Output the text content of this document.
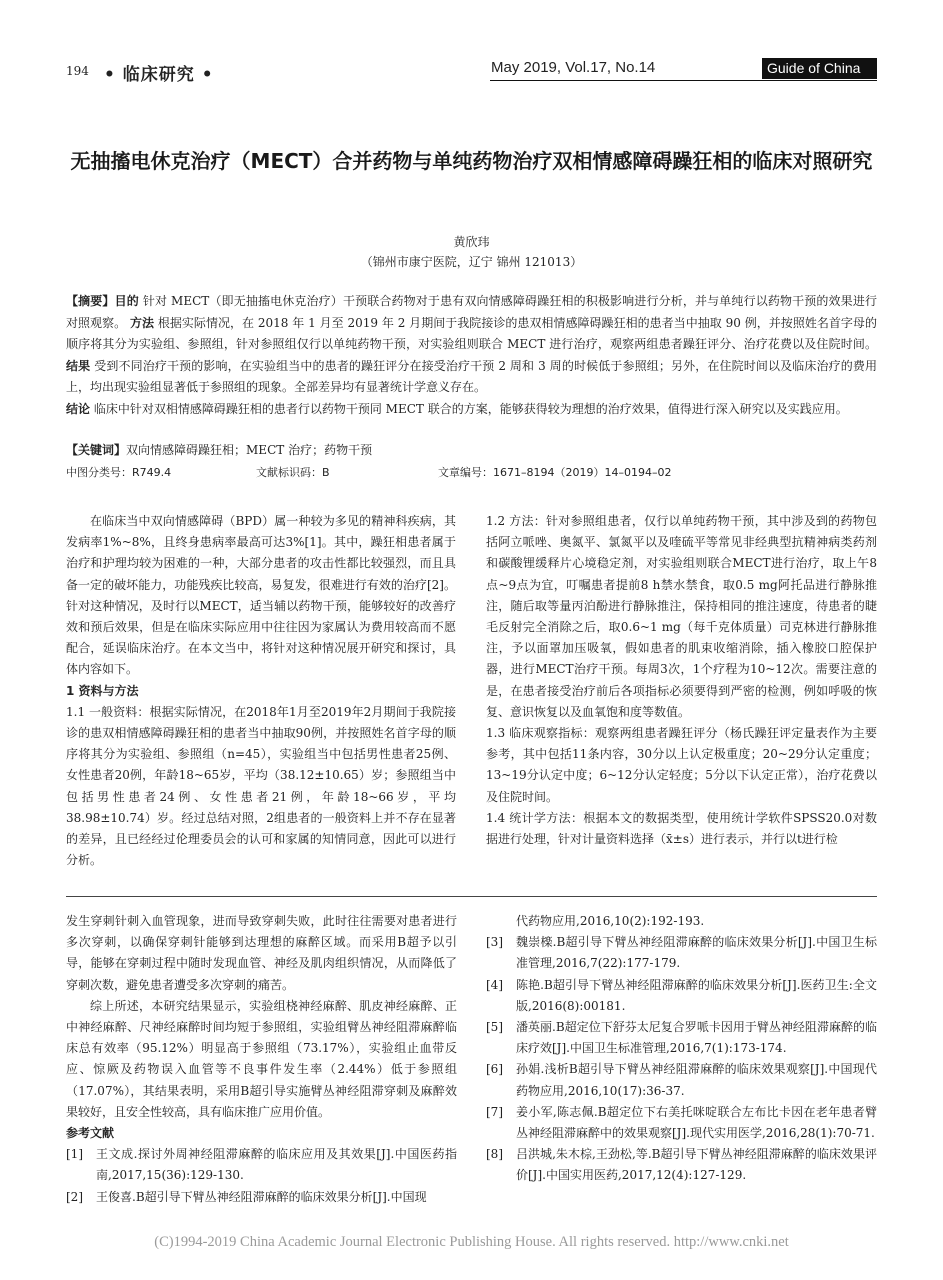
194 • 临床研究 •	May 2019, Vol.17, No.14	Guide of China Medicine
无抽搐电休克治疗（MECT）合并药物与单纯药物治疗双相情感障碍躁狂相的临床对照研究
黄欣玮
（锦州市康宁医院，辽宁 锦州 121013）
【摘要】目的 针对 MECT（即无抽搐电休克治疗）干预联合药物对于患有双向情感障碍躁狂相的积极影响进行分析，并与单纯行以药物干预的效果进行对照观察。 方法 根据实际情况，在 2018 年 1 月至 2019 年 2 月期间于我院接诊的患双相情感障碍躁狂相的患者当中抽取 90 例，并按照姓名首字母的顺序将其分为实验组、参照组，针对参照组仅行以单纯药物干预，对实验组则联合 MECT 进行治疗，观察两组患者躁狂评分、治疗花费以及住院时间。 结果 受到不同治疗干预的影响，在实验组当中的患者的躁狂评分在接受治疗干预 2 周和 3 周的时候低于参照组；另外，在住院时间以及临床治疗的费用上，均出现实验组显著低于参照组的现象。全部差异均有显著统计学意义存在。
结论 临床中针对双相情感障碍躁狂相的患者行以药物干预同 MECT 联合的方案，能够获得较为理想的治疗效果，值得进行深入研究以及实践应用。
【关键词】双向情感障碍躁狂相；MECT 治疗；药物干预
中图分类号：R749.4	文献标识码：B	文章编号：1671–8194（2019）14–0194–02

在临床当中双向情感障碍（BPD）属一种较为多见的精神科疾病，其发病率1%~8%，且终身患病率最高可达3%[1]。其中，躁狂相患者属于治疗和护理均较为困难的一种，大部分患者的攻击性都比较强烈，而且具备一定的破坏能力，功能残疾比较高，易复发，很难进行有效的治疗[2]。针对这种情况，及时行以MECT，适当辅以药物干预，能够较好的改善疗效和预后效果，但是在临床实际应用中往往因为家属认为费用较高而不愿配合，延误临床治疗。在本文当中，将针对这种情况展开研究和探讨，具体内容如下。

1 资料与方法

1.1 一般资料：根据实际情况，在2018年1月至2019年2月期间于我院接诊的患双相情感障碍躁狂相的患者当中抽取90例，并按照姓名首字母的顺序将其分为实验组、参照组（n=45），实验组当中包括男性患者25例、女性患者20例，年龄18~65岁，平均（38.12±10.65）岁；参照组当中包括男性患者24例、女性患者21例，年龄18~66岁，平均38.98±10.74）岁。经过总结对照，2组患者的一般资料上并不存在显著的差异，且已经经过伦理委员会的认可和家属的知情同意，因此可以进行分析。

1.2 方法：针对参照组患者，仅行以单纯药物干预，其中涉及到的药物包括阿立哌唑、奥氮平、氯氮平以及喹硫平等常见非经典型抗精神病类药剂和碳酸锂缓释片心境稳定剂，对实验组则联合MECT进行治疗，取上午8点~9点为宜，叮嘱患者提前8 h禁水禁食，取0.5 mg阿托品进行静脉推注，随后取等量丙泊酚进行静脉推注，保持相同的推注速度，待患者的睫毛反射完全消除之后，取0.6~1 mg（每千克体质量）司克林进行静脉推注，予以面罩加压吸氧，假如患者的肌束收缩消除，插入橡胶口腔保护器，进行MECT治疗干预。每周3次，1个疗程为10~12次。需要注意的是，在患者接受治疗前后各项指标必须要得到严密的检测，例如呼吸的恢复、意识恢复以及血氧饱和度等数值。

1.3 临床观察指标：观察两组患者躁狂评分（杨氏躁狂评定量表作为主要参考，其中包括11条内容，30分以上认定极重度；20~29分认定重度；13~19分认定中度；6~12分认定轻度；5分以下认定正常），治疗花费以及住院时间。

1.4 统计学方法：根据本文的数据类型，使用统计学软件SPSS20.0对数据进行处理，针对计量资料选择（x̄±s）进行表示，并行以t进行检

发生穿刺针刺入血管现象，进而导致穿刺失败，此时往往需要对患者进行多次穿刺，以确保穿刺针能够到达理想的麻醉区域。而采用B超予以引导，能够在穿刺过程中随时发现血管、神经及肌肉组织情况，从而降低了穿刺次数，避免患者遭受多次穿刺的痛苦。

综上所述，本研究结果显示，实验组桡神经麻醉、肌皮神经麻醉、正中神经麻醉、尺神经麻醉时间均短于参照组，实验组臂丛神经阻滞麻醉临床总有效率（95.12%）明显高于参照组（73.17%），实验组止血带反应、惊厥及药物误入血管等不良事件发生率（2.44%）低于参照组（17.07%），其结果表明，采用B超引导实施臂丛神经阻滞穿刺及麻醉效果较好，且安全性较高，具有临床推广应用价值。

参考文献

[1]	王文成.探讨外周神经阻滞麻醉的临床应用及其效果[J].中国医药指南,2017,15(36):129-130.
[2]	王俊喜.B超引导下臂丛神经阻滞麻醉的临床效果分析[J].中国现
代药物应用,2016,10(2):192-193.
[3]	魏崇檪.B超引导下臂丛神经阻滞麻醉的临床效果分析[J].中国卫生标准管理,2016,7(22):177-179.
[4]	陈艳.B超引导下臂丛神经阻滞麻醉的临床效果分析[J].医药卫生:全文版,2016(8):00181.
[5]	潘英丽.B超定位下舒芬太尼复合罗哌卡因用于臂丛神经阻滞麻醉的临床疗效[J].中国卫生标准管理,2016,7(1):173-174.
[6]	孙娟.浅析B超引导下臂丛神经阻滞麻醉的临床效果观察[J].中国现代药物应用,2016,10(17):36-37.
[7]	姜小军,陈志佩.B超定位下右美托咪啶联合左布比卡因在老年患者臂丛神经阻滞麻醉中的效果观察[J].现代实用医学,2016,28(1):70-71.
[8]	吕洪城,朱木棕,王劲松,等.B超引导下臂丛神经阻滞麻醉的临床效果评价[J].中国实用医药,2017,12(4):127-129.
(C)1994-2019 China Academic Journal Electronic Publishing House. All rights reserved. http://www.cnki.net
